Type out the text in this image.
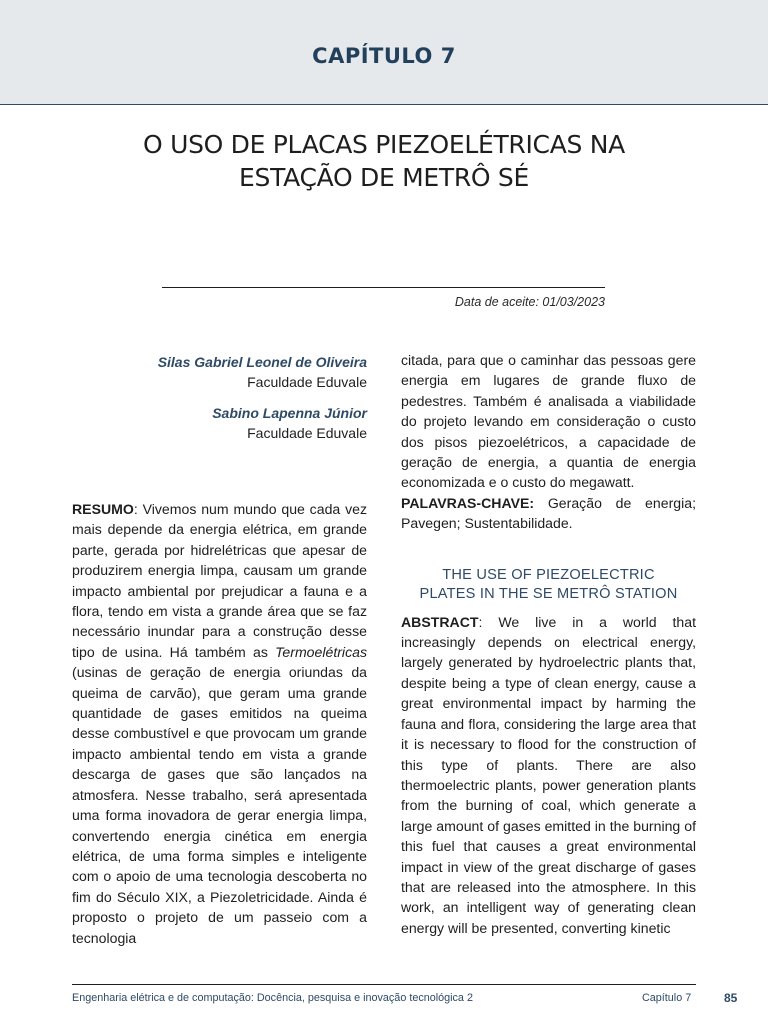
CAPÍTULO 7
O USO DE PLACAS PIEZOELÉTRICAS NA
ESTAÇÃO DE METRÔ SÉ
Data de aceite: 01/03/2023
Silas Gabriel Leonel de Oliveira
Faculdade Eduvale
Sabino Lapenna Júnior
Faculdade Eduvale

RESUMO: Vivemos num mundo que cada vez mais depende da energia elétrica, em grande parte, gerada por hidrelétricas que apesar de produzirem energia limpa, causam um grande impacto ambiental por prejudicar a fauna e a flora, tendo em vista a grande área que se faz necessário inundar para a construção desse tipo de usina. Há também as Termoelétricas (usinas de geração de energia oriundas da queima de carvão), que geram uma grande quantidade de gases emitidos na queima desse combustível e que provocam um grande impacto ambiental tendo em vista a grande descarga de gases que são lançados na atmosfera. Nesse trabalho, será apresentada uma forma inovadora de gerar energia limpa, convertendo energia cinética em energia elétrica, de uma forma simples e inteligente com o apoio de uma tecnologia descoberta no fim do Século XIX, a Piezoletricidade. Ainda é proposto o projeto de um passeio com a tecnologia

citada, para que o caminhar das pessoas gere energia em lugares de grande fluxo de pedestres. Também é analisada a viabilidade do projeto levando em consideração o custo dos pisos piezoelétricos, a capacidade de geração de energia, a quantia de energia economizada e o custo do megawatt.

PALAVRAS-CHAVE: Geração de energia; Pavegen; Sustentabilidade.

THE USE OF PIEZOELECTRIC
PLATES IN THE SE METRÔ STATION

ABSTRACT: We live in a world that increasingly depends on electrical energy, largely generated by hydroelectric plants that, despite being a type of clean energy, cause a great environmental impact by harming the fauna and flora, considering the large area that it is necessary to flood for the construction of this type of plants. There are also thermoelectric plants, power generation plants from the burning of coal, which generate a large amount of gases emitted in the burning of this fuel that causes a great environmental impact in view of the great discharge of gases that are released into the atmosphere. In this work, an intelligent way of generating clean energy will be presented, converting kinetic

Engenharia elétrica e de computação: Docência, pesquisa e inovação tecnológica 2	Capítulo 7	85
